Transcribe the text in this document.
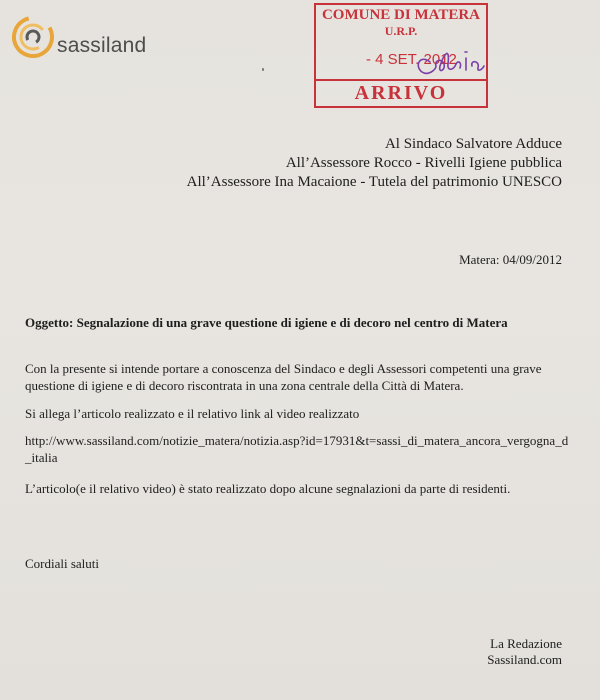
sassiland
COMUNE DI MATERA
U.R.P.
- 4 SET. 2012
ARRIVO
Al Sindaco Salvatore Adduce
All’Assessore Rocco - Rivelli Igiene pubblica
All’Assessore Ina Macaione - Tutela del patrimonio UNESCO
Matera: 04/09/2012
Oggetto: Segnalazione di una grave questione di igiene e di decoro nel centro di Matera
Con la presente si intende portare a conoscenza del Sindaco e degli Assessori competenti una grave questione di igiene e di decoro riscontrata in una zona centrale della Città di Matera.
Si allega l’articolo realizzato e il relativo link al video realizzato
http://www.sassiland.com/notizie_matera/notizia.asp?id=17931&t=sassi_di_matera_ancora_vergogna_d_italia
L’articolo(e il relativo video) è stato realizzato dopo alcune segnalazioni da parte di residenti.
Cordiali saluti
La Redazione
Sassiland.com
